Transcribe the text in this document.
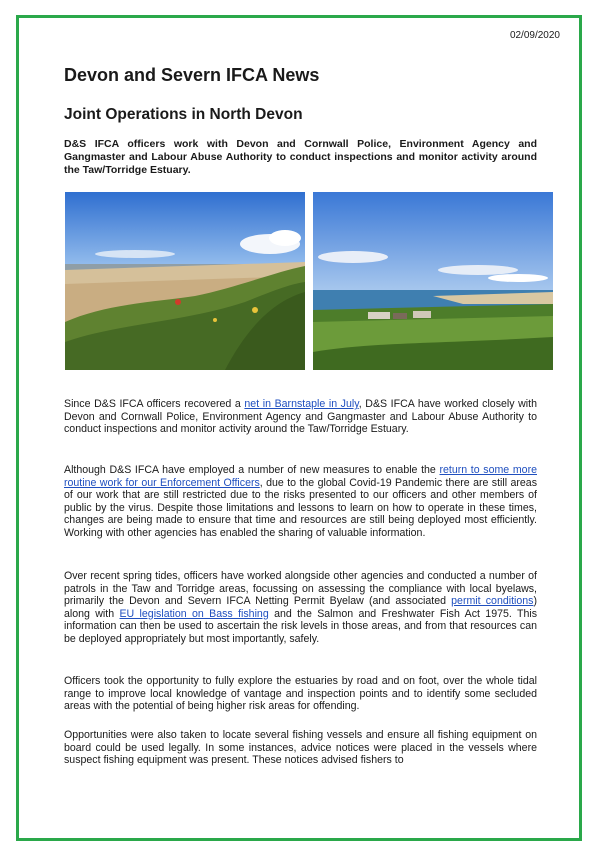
02/09/2020
Devon and Severn IFCA News
Joint Operations in North Devon

D&S IFCA officers work with Devon and Cornwall Police, Environment Agency and Gangmaster and Labour Abuse Authority to conduct inspections and monitor activity around the Taw/Torridge Estuary.

Since D&S IFCA officers recovered a net in Barnstaple in July, D&S IFCA have worked closely with Devon and Cornwall Police, Environment Agency and Gangmaster and Labour Abuse Authority to conduct inspections and monitor activity around the Taw/Torridge Estuary.

Although D&S IFCA have employed a number of new measures to enable the return to some more routine work for our Enforcement Officers, due to the global Covid-19 Pandemic there are still areas of our work that are still restricted due to the risks presented to our officers and other members of public by the virus. Despite those limitations and lessons to learn on how to operate in these times, changes are being made to ensure that time and resources are still being deployed most efficiently. Working with other agencies has enabled the sharing of valuable information.

Over recent spring tides, officers have worked alongside other agencies and conducted a number of patrols in the Taw and Torridge areas, focussing on assessing the compliance with local byelaws, primarily the Devon and Severn IFCA Netting Permit Byelaw (and associated permit conditions) along with EU legislation on Bass fishing and the Salmon and Freshwater Fish Act 1975. This information can then be used to ascertain the risk levels in those areas, and from that resources can be deployed appropriately but most importantly, safely.

Officers took the opportunity to fully explore the estuaries by road and on foot, over the whole tidal range to improve local knowledge of vantage and inspection points and to identify some secluded areas with the potential of being higher risk areas for offending.

Opportunities were also taken to locate several fishing vessels and ensure all fishing equipment on board could be used legally. In some instances, advice notices were placed in the vessels where suspect fishing equipment was present. These notices advised fishers to
